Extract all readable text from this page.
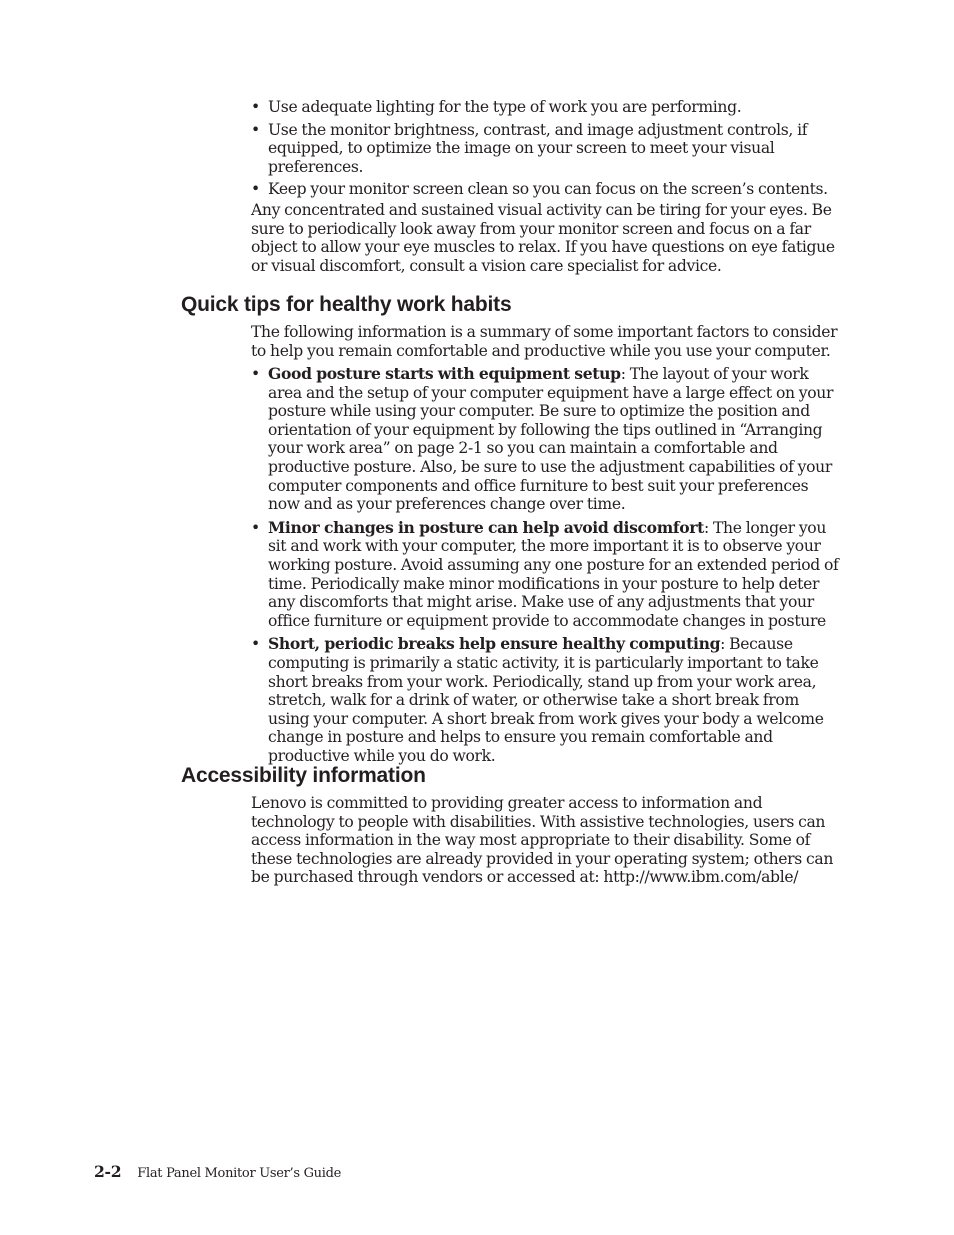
• Use adequate lighting for the type of work you are performing.
• Use the monitor brightness, contrast, and image adjustment controls, if equipped, to optimize the image on your screen to meet your visual preferences.
• Keep your monitor screen clean so you can focus on the screen’s contents.

Any concentrated and sustained visual activity can be tiring for your eyes. Be sure to periodically look away from your monitor screen and focus on a far object to allow your eye muscles to relax. If you have questions on eye fatigue or visual discomfort, consult a vision care specialist for advice.

Quick tips for healthy work habits

The following information is a summary of some important factors to consider to help you remain comfortable and productive while you use your computer.

• Good posture starts with equipment setup: The layout of your work area and the setup of your computer equipment have a large effect on your posture while using your computer. Be sure to optimize the position and orientation of your equipment by following the tips outlined in “Arranging your work area” on page 2-1 so you can maintain a comfortable and productive posture. Also, be sure to use the adjustment capabilities of your computer components and office furniture to best suit your preferences now and as your preferences change over time.
• Minor changes in posture can help avoid discomfort: The longer you sit and work with your computer, the more important it is to observe your working posture. Avoid assuming any one posture for an extended period of time. Periodically make minor modifications in your posture to help deter any discomforts that might arise. Make use of any adjustments that your office furniture or equipment provide to accommodate changes in posture
• Short, periodic breaks help ensure healthy computing: Because computing is primarily a static activity, it is particularly important to take short breaks from your work. Periodically, stand up from your work area, stretch, walk for a drink of water, or otherwise take a short break from using your computer. A short break from work gives your body a welcome change in posture and helps to ensure you remain comfortable and productive while you do work.
Accessibility information

Lenovo is committed to providing greater access to information and technology to people with disabilities. With assistive technologies, users can access information in the way most appropriate to their disability. Some of these technologies are already provided in your operating system; others can be purchased through vendors or accessed at: http://www.ibm.com/able/

2-2 Flat Panel Monitor User’s Guide
